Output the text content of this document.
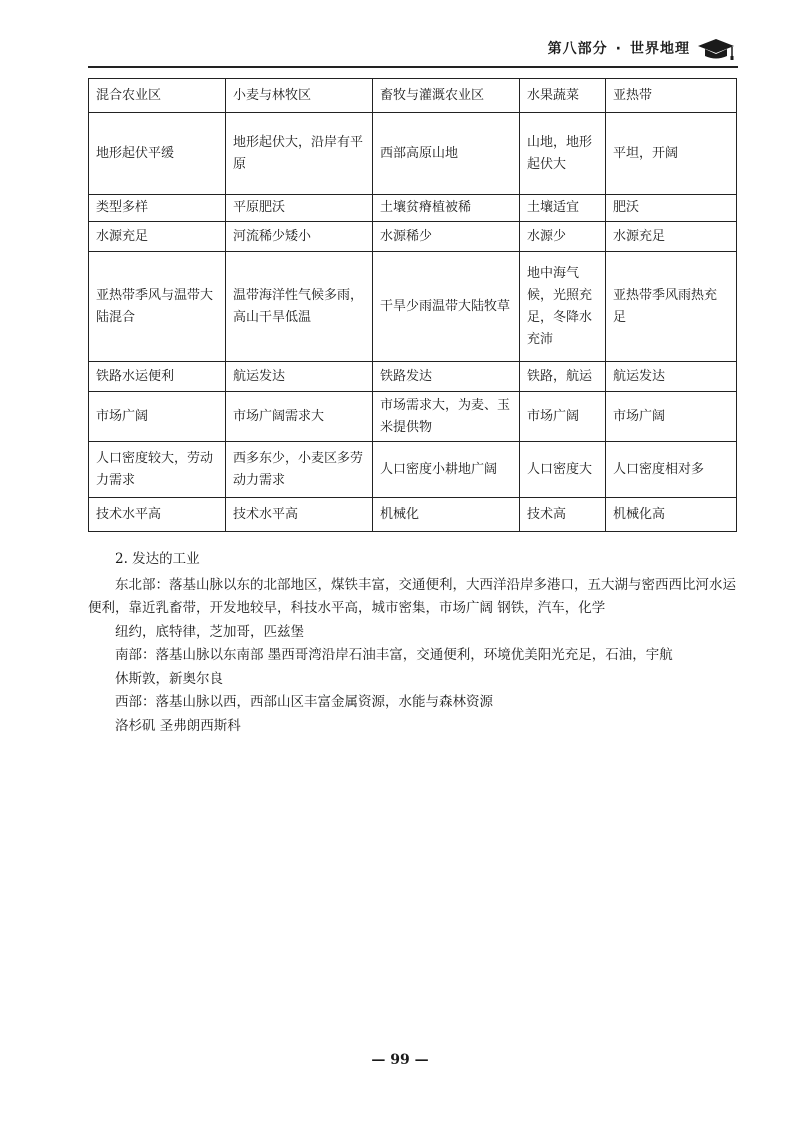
第八部分 · 世界地理
混合农业区	小麦与林牧区	畜牧与灌溉农业区	水果蔬菜	亚热带
地形起伏平缓	地形起伏大，沿岸有平原	西部高原山地	山地，地形起伏大	平坦，开阔
类型多样	平原肥沃	土壤贫瘠植被稀	土壤适宜	肥沃
水源充足	河流稀少矮小	水源稀少	水源少	水源充足
亚热带季风与温带大陆混合	温带海洋性气候多雨，高山干旱低温	干旱少雨温带大陆牧草	地中海气候，光照充足，冬降水充沛	亚热带季风雨热充足
铁路水运便利	航运发达	铁路发达	铁路，航运	航运发达
市场广阔	市场广阔需求大	市场需求大，为麦、玉米提供物	市场广阔	市场广阔
人口密度较大，劳动力需求	西多东少，小麦区多劳动力需求	人口密度小耕地广阔	人口密度大	人口密度相对多
技术水平高	技术水平高	机械化	技术高	机械化高

2. 发达的工业

东北部：落基山脉以东的北部地区，煤铁丰富，交通便利，大西洋沿岸多港口，五大湖与密西西比河水运便利，靠近乳畜带，开发地较早，科技水平高，城市密集，市场广阔 钢铁，汽车，化学

纽约，底特律，芝加哥，匹兹堡

南部：落基山脉以东南部 墨西哥湾沿岸石油丰富，交通便利，环境优美阳光充足，石油，宇航

休斯敦，新奥尔良

西部：落基山脉以西，西部山区丰富金属资源，水能与森林资源

洛杉矶 圣弗朗西斯科

— 99 —
